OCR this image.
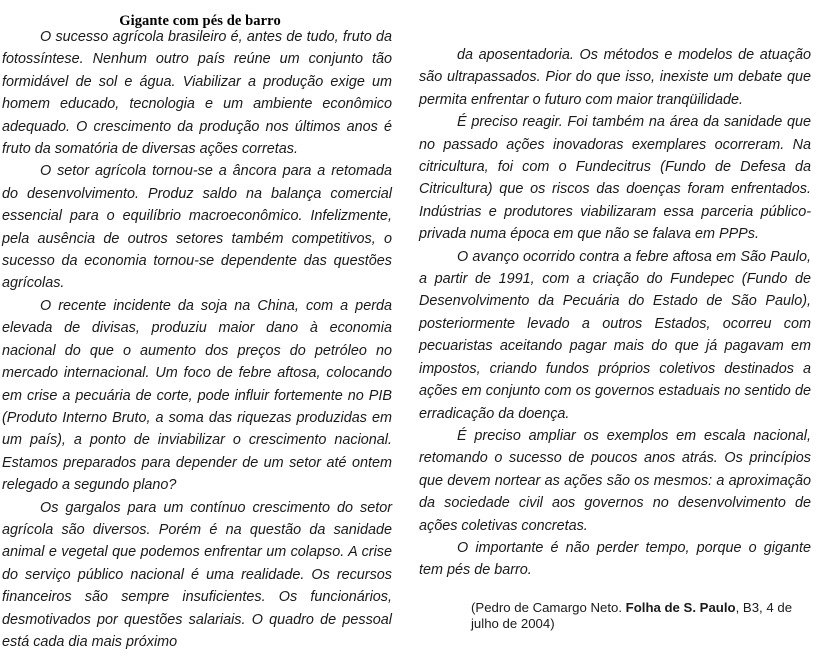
Gigante com pés de barro

O sucesso agrícola brasileiro é, antes de tudo, fruto da fotossíntese. Nenhum outro país reúne um conjunto tão formidável de sol e água. Viabilizar a produção exige um homem educado, tecnologia e um ambiente econômico adequado. O crescimento da produção nos últimos anos é fruto da somatória de diversas ações corretas.

O setor agrícola tornou-se a âncora para a retomada do desenvolvimento. Produz saldo na balança comercial essencial para o equilíbrio macroeconômico. Infelizmente, pela ausência de outros setores também competitivos, o sucesso da economia tornou-se dependente das questões agrícolas.

O recente incidente da soja na China, com a perda elevada de divisas, produziu maior dano à economia nacional do que o aumento dos preços do petróleo no mercado internacional. Um foco de febre aftosa, colocando em crise a pecuária de corte, pode influir fortemente no PIB (Produto Interno Bruto, a soma das riquezas produzidas em um país), a ponto de inviabilizar o crescimento nacional. Estamos preparados para depender de um setor até ontem relegado a segundo plano?

Os gargalos para um contínuo crescimento do setor agrícola são diversos. Porém é na questão da sanidade animal e vegetal que podemos enfrentar um colapso. A crise do serviço público nacional é uma realidade. Os recursos financeiros são sempre insuficientes. Os funcionários, desmotivados por questões salariais. O quadro de pessoal está cada dia mais próximo

da aposentadoria. Os métodos e modelos de atuação são ultrapassados. Pior do que isso, inexiste um debate que permita enfrentar o futuro com maior tranqüilidade.

É preciso reagir. Foi também na área da sanidade que no passado ações inovadoras exemplares ocorreram. Na citricultura, foi com o Fundecitrus (Fundo de Defesa da Citricultura) que os riscos das doenças foram enfrentados. Indústrias e produtores viabilizaram essa parceria público-privada numa época em que não se falava em PPPs.

O avanço ocorrido contra a febre aftosa em São Paulo, a partir de 1991, com a criação do Fundepec (Fundo de Desenvolvimento da Pecuária do Estado de São Paulo), posteriormente levado a outros Estados, ocorreu com pecuaristas aceitando pagar mais do que já pagavam em impostos, criando fundos próprios coletivos destinados a ações em conjunto com os governos estaduais no sentido de erradicação da doença.

É preciso ampliar os exemplos em escala nacional, retomando o sucesso de poucos anos atrás. Os princípios que devem nortear as ações são os mesmos: a aproximação da sociedade civil aos governos no desenvolvimento de ações coletivas concretas.

O importante é não perder tempo, porque o gigante tem pés de barro.

(Pedro de Camargo Neto. Folha de S. Paulo, B3, 4 de julho de 2004)
